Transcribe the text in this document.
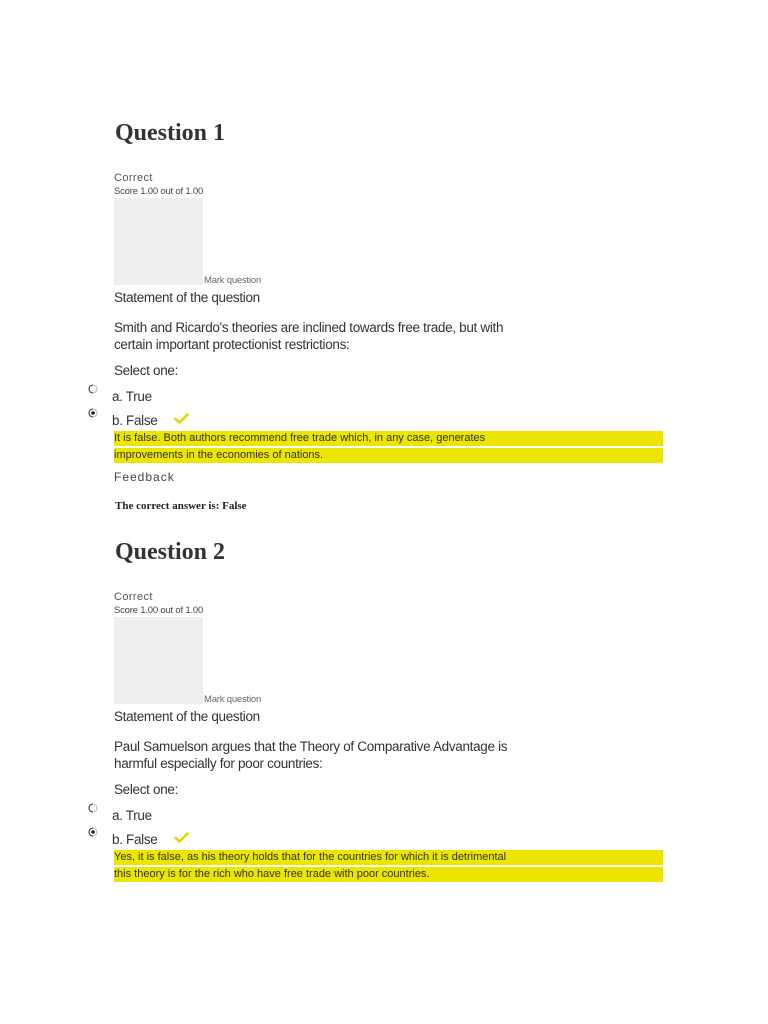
Question 1
Correct
Score 1.00 out of 1.00
Mark question
Statement of the question
Smith and Ricardo's theories are inclined towards free trade, but with
certain important protectionist restrictions:
Select one:
a. True
b. False
It is false. Both authors recommend free trade which, in any case, generates
improvements in the economies of nations.
Feedback
The correct answer is: False
Question 2
Correct
Score 1.00 out of 1.00
Mark question
Statement of the question
Paul Samuelson argues that the Theory of Comparative Advantage is
harmful especially for poor countries:
Select one:
a. True
b. False
Yes, it is false, as his theory holds that for the countries for which it is detrimental
this theory is for the rich who have free trade with poor countries.
